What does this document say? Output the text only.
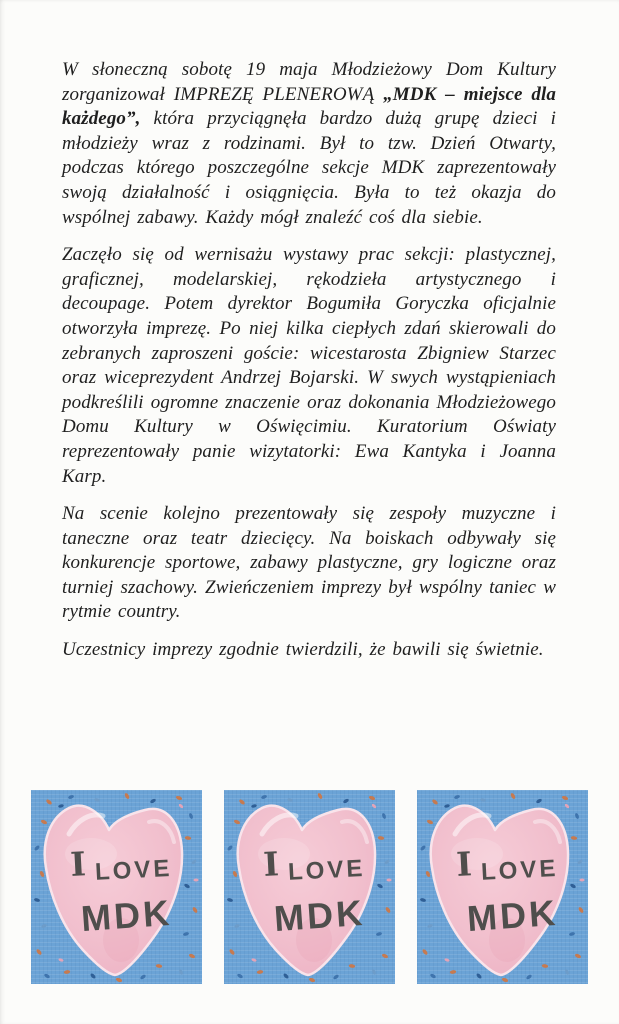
W słoneczną sobotę 19 maja Młodzieżowy Dom Kultury zorganizował IMPREZĘ PLENEROWĄ „MDK – miejsce dla każdego”, która przyciągnęła bardzo dużą grupę dzieci i młodzieży wraz z rodzinami. Był to tzw. Dzień Otwarty, podczas którego poszczególne sekcje MDK zaprezentowały swoją działalność i osiągnięcia. Była to też okazja do wspólnej zabawy. Każdy mógł znaleźć coś dla siebie.

Zaczęło się od wernisażu wystawy prac sekcji: plastycznej, graficznej, modelarskiej, rękodzieła artystycznego i decoupage. Potem dyrektor Bogumiła Goryczka oficjalnie otworzyła imprezę. Po niej kilka ciepłych zdań skierowali do zebranych zaproszeni goście: wicestarosta Zbigniew Starzec oraz wiceprezydent Andrzej Bojarski. W swych wystąpieniach podkreślili ogromne znaczenie oraz dokonania Młodzieżowego Domu Kultury w Oświęcimiu. Kuratorium Oświaty reprezentowały panie wizytatorki: Ewa Kantyka i Joanna Karp.

Na scenie kolejno prezentowały się zespoły muzyczne i taneczne oraz teatr dziecięcy. Na boiskach odbywały się konkurencje sportowe, zabawy plastyczne, gry logiczne oraz turniej szachowy. Zwieńczeniem imprezy był wspólny taniec w rytmie country.

Uczestnicy imprezy zgodnie twierdzili, że bawili się świetnie.

I LOVE
MDK
I LOVE
MDK
I LOVE
MDK
